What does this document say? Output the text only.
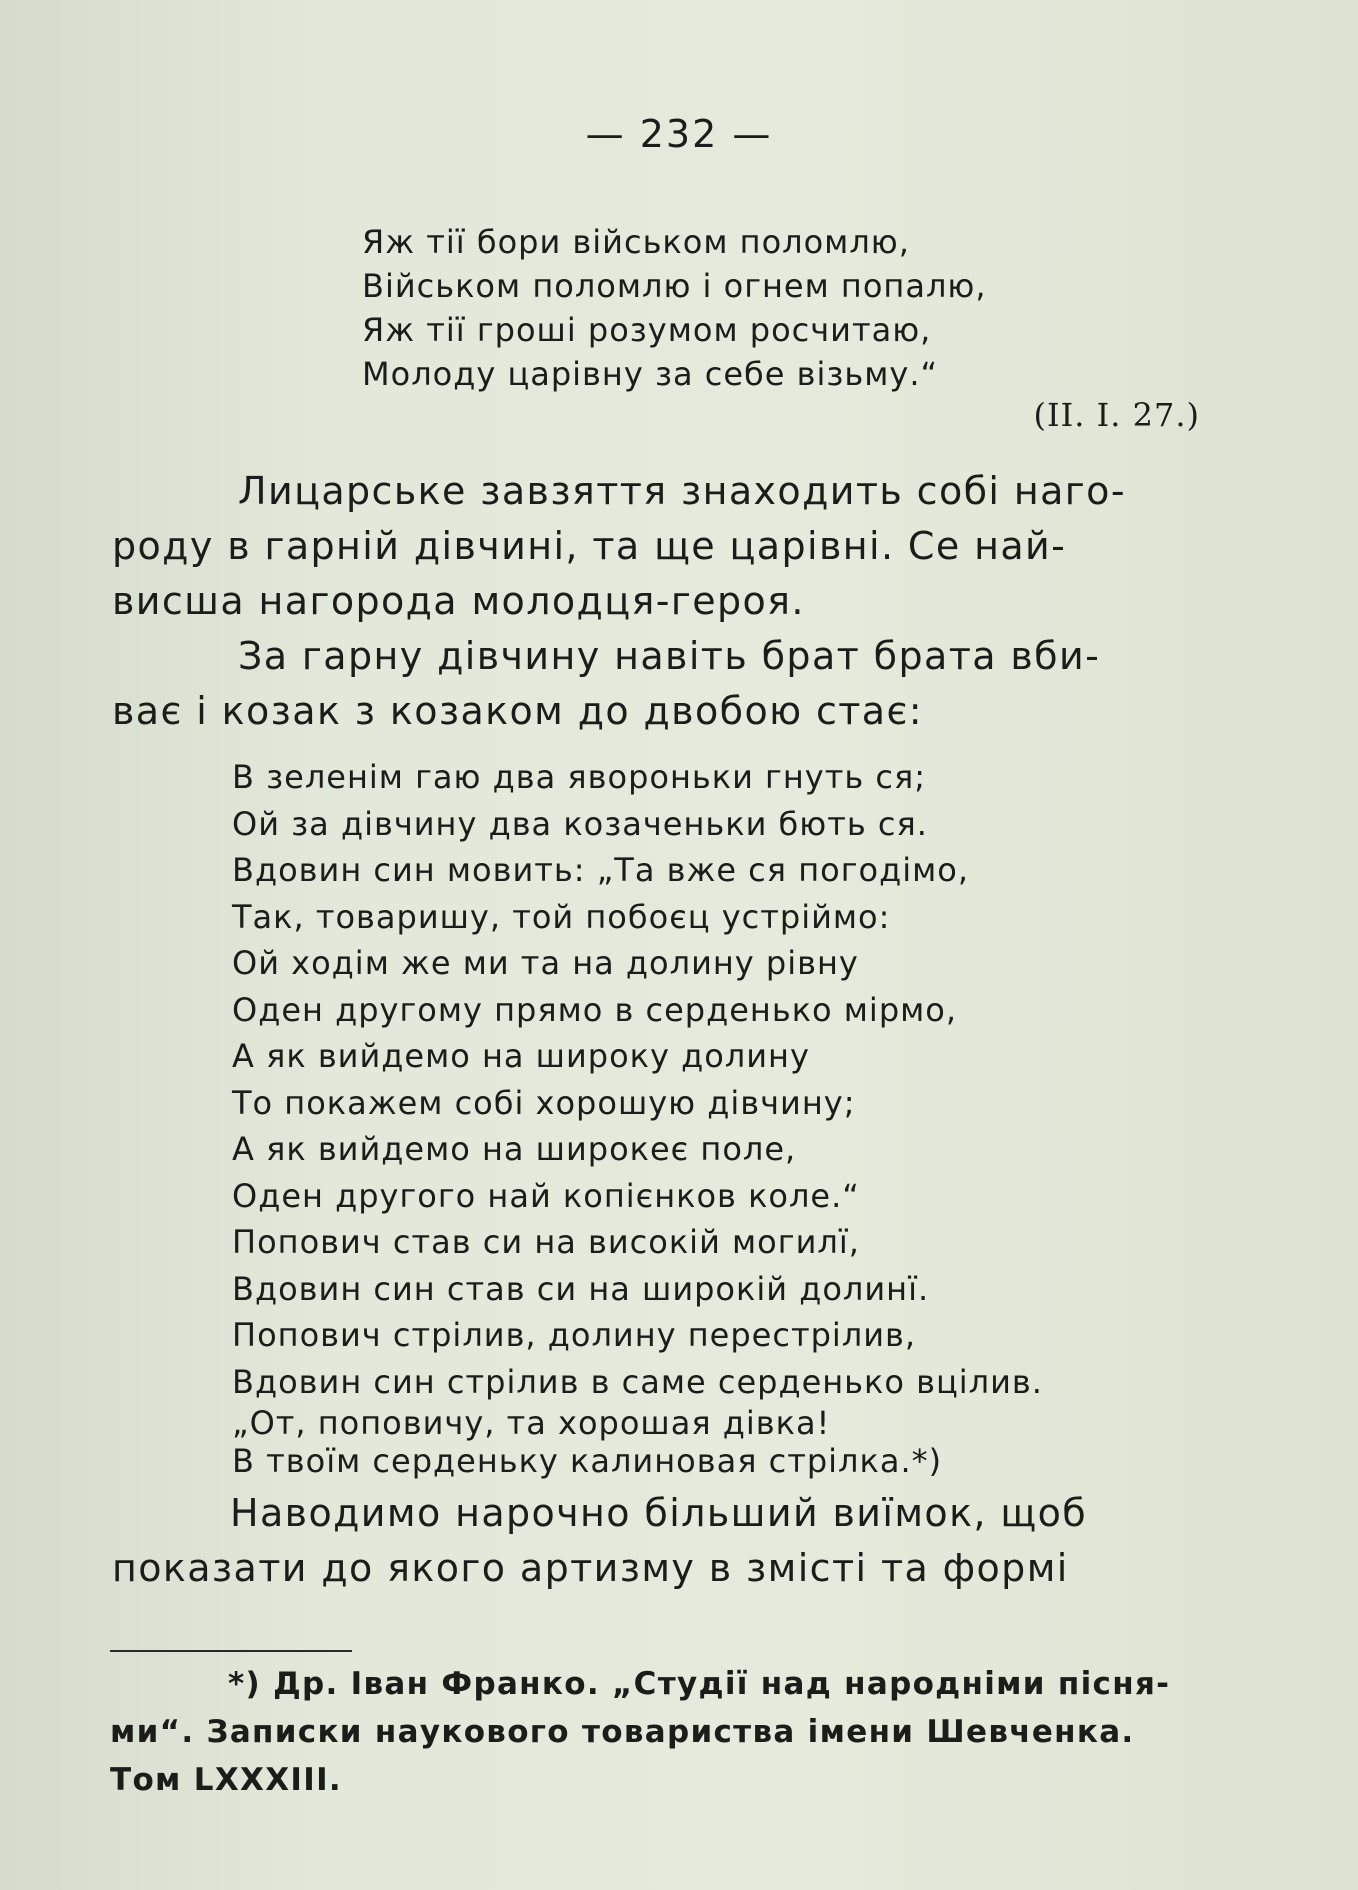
— 232 —
Яж тії бори військом поломлю,
Військом поломлю і огнем попалю,
Яж тії гроші розумом росчитаю,
Молоду царівну за себе візьму.“
(II. I. 27.)

Лицарське завзяття знаходить собі наго-
роду в гарній дівчині, та ще царівні. Се най-
висша нагорода молодця-героя.

За гарну дівчину навіть брат брата вби-
ває і козак з козаком до двобою стає:

В зеленім гаю два явороньки гнуть ся;
Ой за дівчину два козаченьки бють ся.
Вдовин син мовить: „Та вже ся погодімо,
Так, товаришу, той побоєц устріймо:
Ой ходім же ми та на долину рівну
Оден другому прямо в серденько мірмо,
А як вийдемо на широку долину
То покажем собі хорошую дівчину;
А як вийдемо на широкеє поле,
Оден другого най копієнков коле.“
Попович став си на високій могилї,
Вдовин син став си на широкій долинї.
Попович стрілив, долину перестрілив,
Вдовин син стрілив в саме серденько вцілив.
„От, поповичу, та хорошая дівка!
В твоїм серденьку калиновая стрілка.*)

Наводимо нарочно більший виїмок, щоб
показати до якого артизму в змісті та формі

*) Др. Іван Франко. „Студії над народніми пісня-
ми“. Записки наукового товариства імени Шевченка.
Том LXXXIII.
